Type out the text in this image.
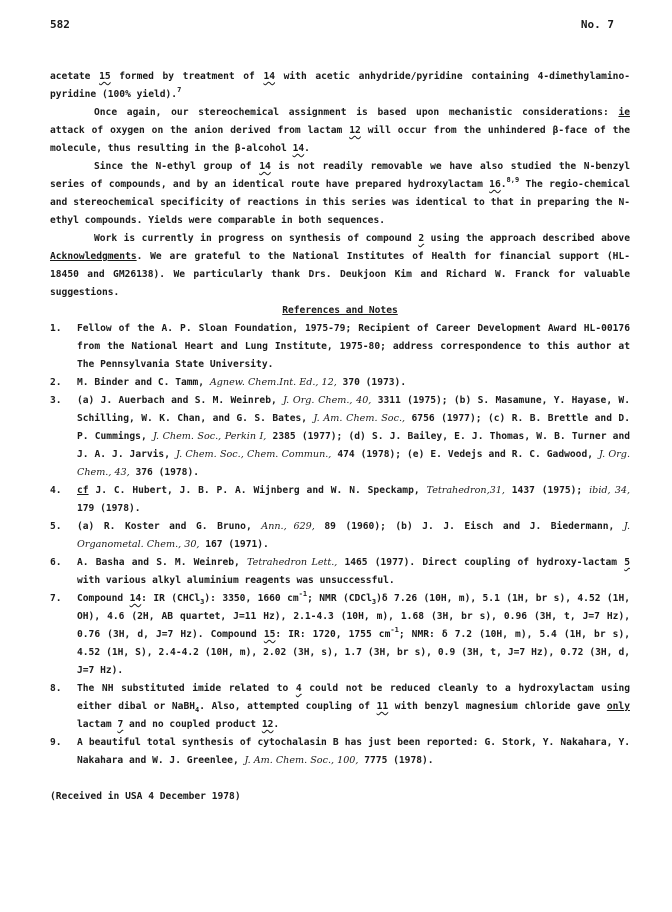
582	No. 7

acetate 15 formed by treatment of 14 with acetic anhydride/pyridine containing 4-dimethylamino-pyridine (100% yield).$^7$

Once again, our stereochemical assignment is based upon mechanistic considerations: ie attack of oxygen on the anion derived from lactam 12 will occur from the unhindered β-face of the molecule, thus resulting in the β-alcohol 14.

Since the N-ethyl group of 14 is not readily removable we have also studied the N-benzyl series of compounds, and by an identical route have prepared hydroxylactam 16.$^{8,9}$ The regio-chemical and stereochemical specificity of reactions in this series was identical to that in preparing the N-ethyl compounds. Yields were comparable in both sequences.

Work is currently in progress on synthesis of compound 2 using the approach described above Acknowledgments. We are grateful to the National Institutes of Health for financial support (HL-18450 and GM26138). We particularly thank Drs. Deukjoon Kim and Richard W. Franck for valuable suggestions.

References and Notes

1. Fellow of the A. P. Sloan Foundation, 1975-79; Recipient of Career Development Award HL-00176 from the National Heart and Lung Institute, 1975-80; address correspondence to this author at The Pennsylvania State University.
2. M. Binder and C. Tamm, Agnew. Chem.Int. Ed., 12, 370 (1973).
3. (a) J. Auerbach and S. M. Weinreb, J. Org. Chem., 40, 3311 (1975); (b) S. Masamune, Y. Hayase, W. Schilling, W. K. Chan, and G. S. Bates, J. Am. Chem. Soc., 6756 (1977); (c) R. B. Brettle and D. P. Cummings, J. Chem. Soc., Perkin I, 2385 (1977); (d) S. J. Bailey, E. J. Thomas, W. B. Turner and J. A. J. Jarvis, J. Chem. Soc., Chem. Commun., 474 (1978); (e) E. Vedejs and R. C. Gadwood, J. Org. Chem., 43, 376 (1978).
4. cf J. C. Hubert, J. B. P. A. Wijnberg and W. N. Speckamp, Tetrahedron,31, 1437 (1975); ibid, 34, 179 (1978).
5. (a) R. Koster and G. Bruno, Ann., 629, 89 (1960); (b) J. J. Eisch and J. Biedermann, J. Organometal. Chem., 30, 167 (1971).
6. A. Basha and S. M. Weinreb, Tetrahedron Lett., 1465 (1977). Direct coupling of hydroxy-lactam 5 with various alkyl aluminium reagents was unsuccessful.
7. Compound 14: IR (CHCl$_3$): 3350, 1660 $cm^{-1}$; NMR (CDCl$_3$)δ 7.26 (10H, m), 5.1 (1H, br s), 4.52 (1H, OH), 4.6 (2H, AB quartet, J=11 Hz), 2.1-4.3 (10H, m), 1.68 (3H, br s), 0.96 (3H, t, J=7 Hz), 0.76 (3H, d, J=7 Hz). Compound 15: IR: 1720, 1755 $cm^{-1}$; NMR: δ 7.2 (10H, m), 5.4 (1H, br s), 4.52 (1H, S), 2.4-4.2 (10H, m), 2.02 (3H, s), 1.7 (3H, br s), 0.9 (3H, t, J=7 Hz), 0.72 (3H, d, J=7 Hz).
8. The NH substituted imide related to 4 could not be reduced cleanly to a hydroxylactam using either dibal or NaBH$_4$. Also, attempted coupling of 11 with benzyl magnesium chloride gave only lactam 7 and no coupled product 12.
9. A beautiful total synthesis of cytochalasin B has just been reported: G. Stork, Y. Nakahara, Y. Nakahara and W. J. Greenlee, J. Am. Chem. Soc., 100, 7775 (1978).

(Received in USA 4 December 1978)
